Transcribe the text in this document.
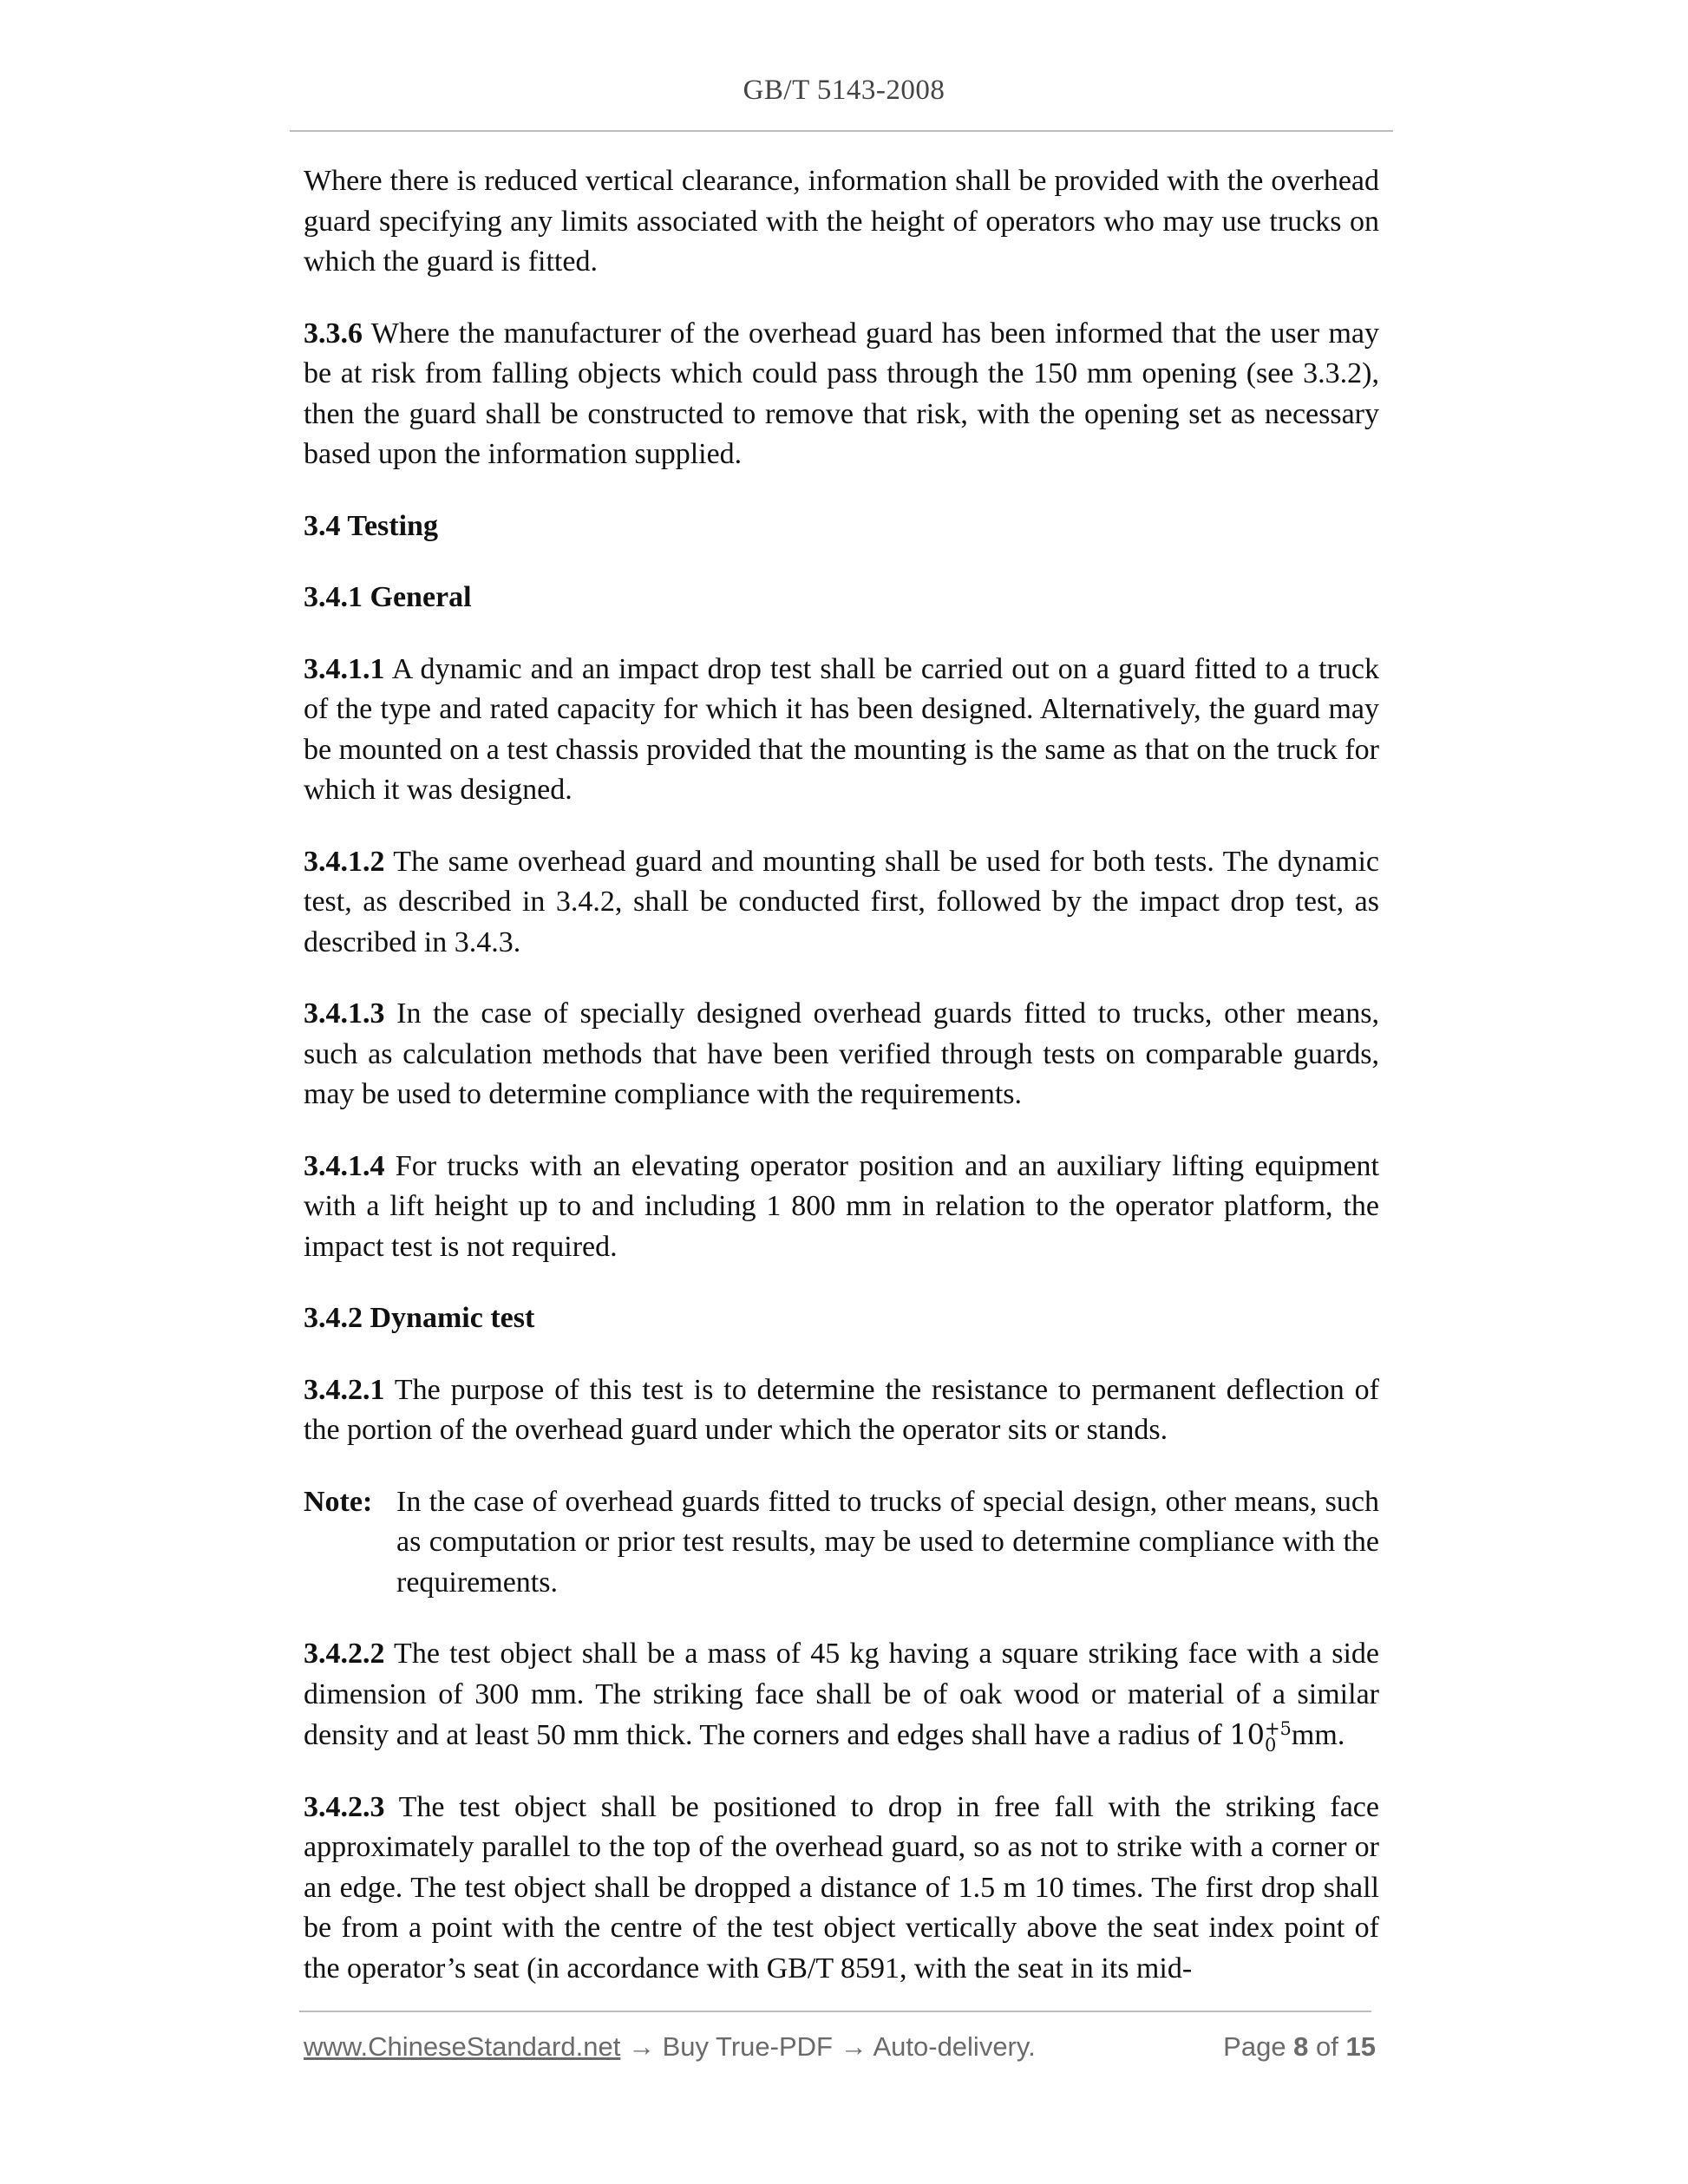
GB/T 5143-2008

Where there is reduced vertical clearance, information shall be provided with the overhead guard specifying any limits associated with the height of operators who may use trucks on which the guard is fitted.

3.3.6 Where the manufacturer of the overhead guard has been informed that the user may be at risk from falling objects which could pass through the 150 mm opening (see 3.3.2), then the guard shall be constructed to remove that risk, with the opening set as necessary based upon the information supplied.

3.4 Testing
3.4.1 General

3.4.1.1 A dynamic and an impact drop test shall be carried out on a guard fitted to a truck of the type and rated capacity for which it has been designed. Alternatively, the guard may be mounted on a test chassis provided that the mounting is the same as that on the truck for which it was designed.

3.4.1.2 The same overhead guard and mounting shall be used for both tests. The dynamic test, as described in 3.4.2, shall be conducted first, followed by the impact drop test, as described in 3.4.3.

3.4.1.3 In the case of specially designed overhead guards fitted to trucks, other means, such as calculation methods that have been verified through tests on comparable guards, may be used to determine compliance with the requirements.

3.4.1.4 For trucks with an elevating operator position and an auxiliary lifting equipment with a lift height up to and including 1 800 mm in relation to the operator platform, the impact test is not required.

3.4.2 Dynamic test

3.4.2.1 The purpose of this test is to determine the resistance to permanent deflection of the portion of the overhead guard under which the operator sits or stands.

Note: In the case of overhead guards fitted to trucks of special design, other means, such as computation or prior test results, may be used to determine compliance with the requirements.

3.4.2.2 The test object shall be a mass of 45 kg having a square striking face with a side dimension of 300 mm. The striking face shall be of oak wood or material of a similar density and at least 50 mm thick. The corners and edges shall have a radius of 10 +5
0 mm.

3.4.2.3 The test object shall be positioned to drop in free fall with the striking face approximately parallel to the top of the overhead guard, so as not to strike with a corner or an edge. The test object shall be dropped a distance of 1.5 m 10 times. The first drop shall be from a point with the centre of the test object vertically above the seat index point of the operator’s seat (in accordance with GB/T 8591, with the seat in its mid-

www.ChineseStandard.net → Buy True-PDF → Auto-delivery.	Page 8 of 15
